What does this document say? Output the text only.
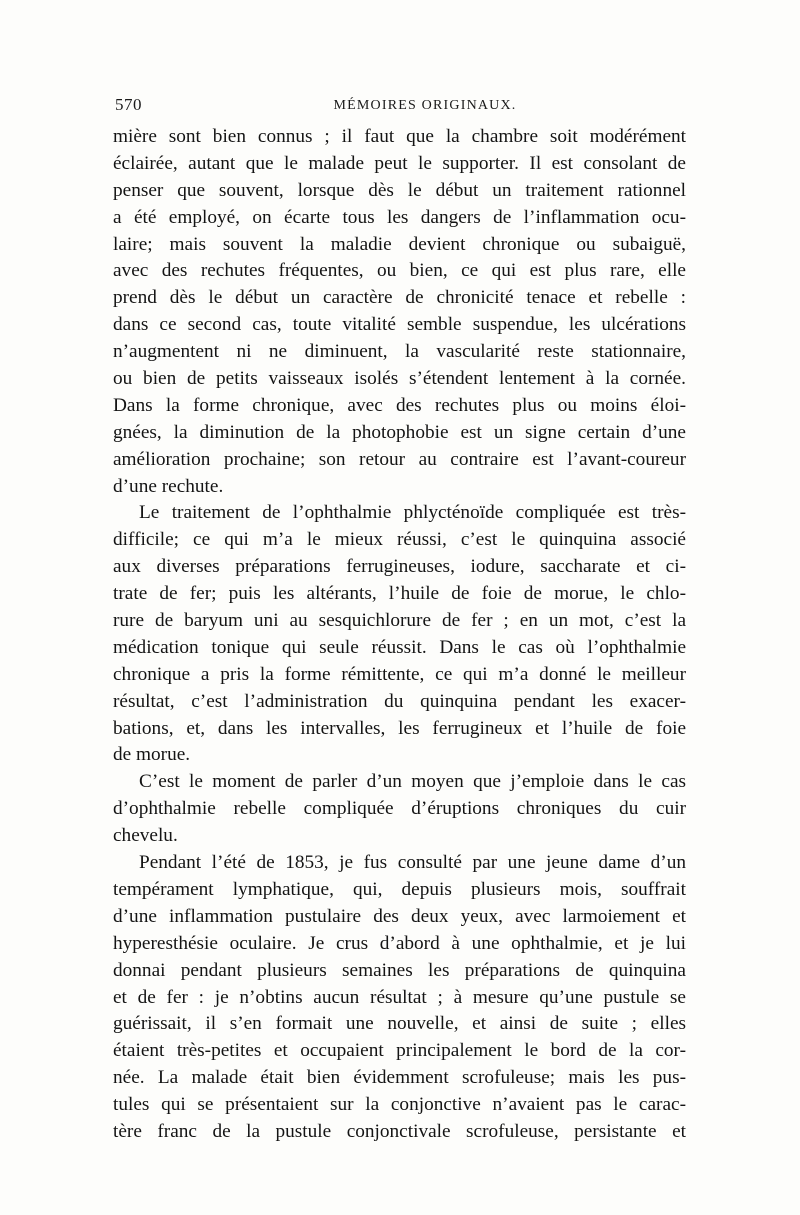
570	MÉMOIRES ORIGINAUX.
mière sont bien connus ; il faut que la chambre soit modérément
éclairée, autant que le malade peut le supporter. Il est consolant de
penser que souvent, lorsque dès le début un traitement rationnel
a été employé, on écarte tous les dangers de l’inflammation ocu-
laire; mais souvent la maladie devient chronique ou subaiguë,
avec des rechutes fréquentes, ou bien, ce qui est plus rare, elle
prend dès le début un caractère de chronicité tenace et rebelle :
dans ce second cas, toute vitalité semble suspendue, les ulcérations
n’augmentent ni ne diminuent, la vascularité reste stationnaire,
ou bien de petits vaisseaux isolés s’étendent lentement à la cornée.
Dans la forme chronique, avec des rechutes plus ou moins éloi-
gnées, la diminution de la photophobie est un signe certain d’une
amélioration prochaine; son retour au contraire est l’avant-coureur
d’une rechute.
Le traitement de l’ophthalmie phlycténoïde compliquée est très-
difficile; ce qui m’a le mieux réussi, c’est le quinquina associé
aux diverses préparations ferrugineuses, iodure, saccharate et ci-
trate de fer; puis les altérants, l’huile de foie de morue, le chlo-
rure de baryum uni au sesquichlorure de fer ; en un mot, c’est la
médication tonique qui seule réussit. Dans le cas où l’ophthalmie
chronique a pris la forme rémittente, ce qui m’a donné le meilleur
résultat, c’est l’administration du quinquina pendant les exacer-
bations, et, dans les intervalles, les ferrugineux et l’huile de foie
de morue.
C’est le moment de parler d’un moyen que j’emploie dans le cas
d’ophthalmie rebelle compliquée d’éruptions chroniques du cuir
chevelu.
Pendant l’été de 1853, je fus consulté par une jeune dame d’un
tempérament lymphatique, qui, depuis plusieurs mois, souffrait
d’une inflammation pustulaire des deux yeux, avec larmoiement et
hyperesthésie oculaire. Je crus d’abord à une ophthalmie, et je lui
donnai pendant plusieurs semaines les préparations de quinquina
et de fer : je n’obtins aucun résultat ; à mesure qu’une pustule se
guérissait, il s’en formait une nouvelle, et ainsi de suite ; elles
étaient très-petites et occupaient principalement le bord de la cor-
née. La malade était bien évidemment scrofuleuse; mais les pus-
tules qui se présentaient sur la conjonctive n’avaient pas le carac-
tère franc de la pustule conjonctivale scrofuleuse, persistante et
